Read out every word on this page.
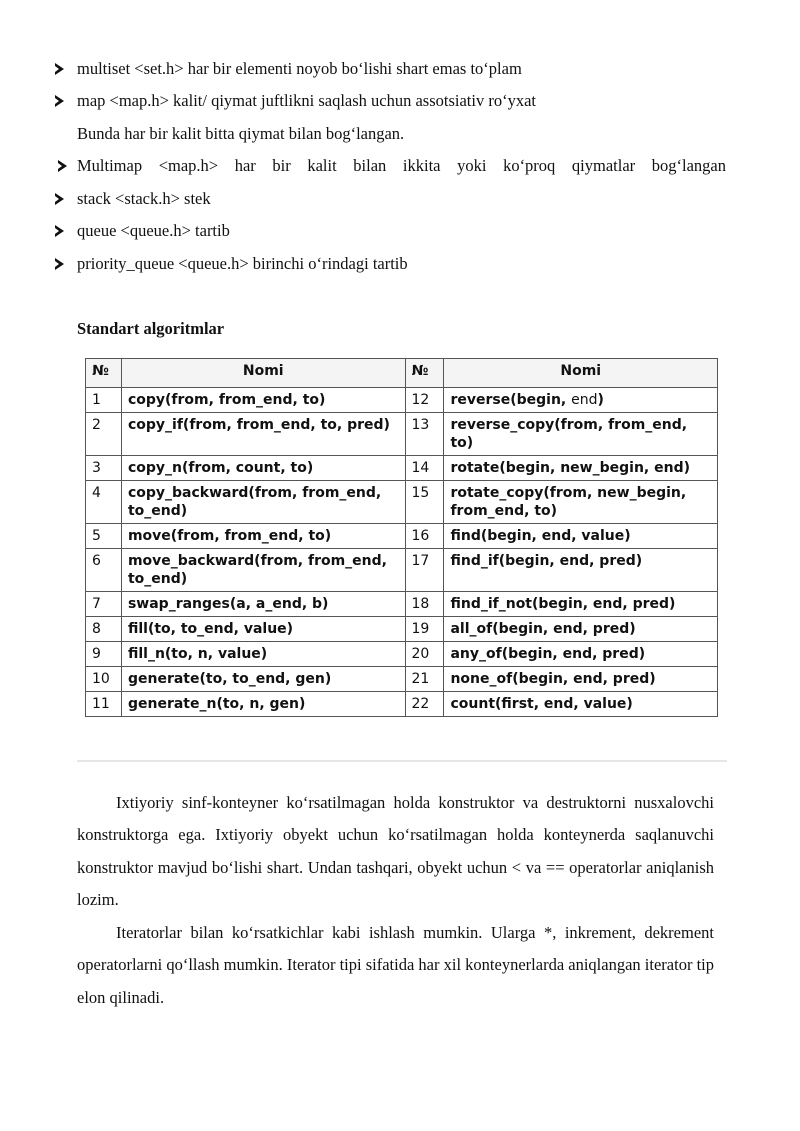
multiset <set.h> har bir elementi noyob bo‘lishi shart emas to‘plam
map <map.h> kalit/ qiymat juftlikni saqlash uchun assotsiativ ro‘yxat
Bunda har bir kalit bitta qiymat bilan bog‘langan.
Multimap <map.h> har bir kalit bilan ikkita yoki ko‘proq qiymatlar bog‘langan
stack <stack.h> stek
queue <queue.h> tartib
priority_queue <queue.h> birinchi o‘rindagi tartib
Standart algoritmlar
№	Nomi	№	Nomi
1	copy(from, from_end, to)	12	reverse(begin, end)
2	copy_if(from, from_end, to, pred)	13	reverse_copy(from, from_end, to)
3	copy_n(from, count, to)	14	rotate(begin, new_begin, end)
4	copy_backward(from, from_end, to_end)	15	rotate_copy(from, new_begin, from_end, to)
5	move(from, from_end, to)	16	find(begin, end, value)
6	move_backward(from, from_end, to_end)	17	find_if(begin, end, pred)
7	swap_ranges(a, a_end, b)	18	find_if_not(begin, end, pred)
8	fill(to, to_end, value)	19	all_of(begin, end, pred)
9	fill_n(to, n, value)	20	any_of(begin, end, pred)
10	generate(to, to_end, gen)	21	none_of(begin, end, pred)
11	generate_n(to, n, gen)	22	count(first, end, value)

Ixtiyoriy sinf-konteyner ko‘rsatilmagan holda konstruktor va destruktorni nusxalovchi konstruktorga ega. Ixtiyoriy obyekt uchun ko‘rsatilmagan holda konteynerda saqlanuvchi konstruktor mavjud bo‘lishi shart. Undan tashqari, obyekt uchun < va == operatorlar aniqlanish lozim.

Iteratorlar bilan ko‘rsatkichlar kabi ishlash mumkin. Ularga *, inkrement, dekrement operatorlarni qo‘llash mumkin. Iterator tipi sifatida har xil konteynerlarda aniqlangan iterator tip elon qilinadi.
